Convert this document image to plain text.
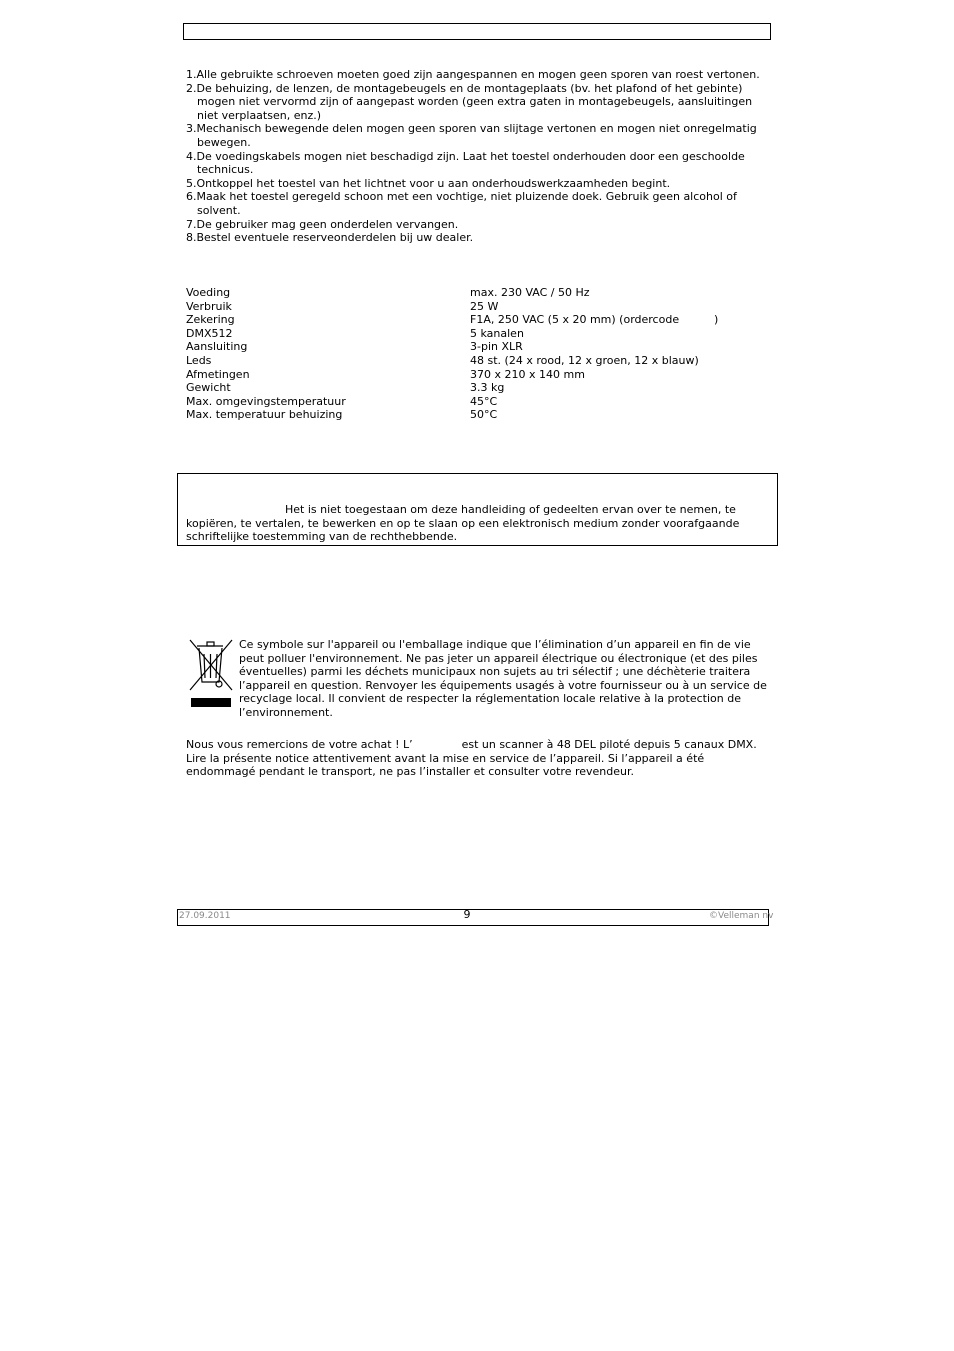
1.Alle gebruikte schroeven moeten goed zijn aangespannen en mogen geen sporen van roest vertonen.
2.De behuizing, de lenzen, de montagebeugels en de montageplaats (bv. het plafond of het gebinte) mogen niet vervormd zijn of aangepast worden (geen extra gaten in montagebeugels, aansluitingen niet verplaatsen, enz.)
3.Mechanisch bewegende delen mogen geen sporen van slijtage vertonen en mogen niet onregelmatig bewegen.
4.De voedingskabels mogen niet beschadigd zijn. Laat het toestel onderhouden door een geschoolde technicus.
5.Ontkoppel het toestel van het lichtnet voor u aan onderhoudswerkzaamheden begint.
6.Maak het toestel geregeld schoon met een vochtige, niet pluizende doek. Gebruik geen alcohol of solvent.
7.De gebruiker mag geen onderdelen vervangen.
8.Bestel eventuele reserveonderdelen bij uw dealer.
Voeding	max. 230 VAC / 50 Hz
Verbruik	25 W
Zekering	F1A, 250 VAC (5 x 20 mm) (ordercode          )
DMX512	5 kanalen
Aansluiting	3-pin XLR
Leds	48 st. (24 x rood, 12 x groen, 12 x blauw)
Afmetingen	370 x 210 x 140 mm
Gewicht	3.3 kg
Max. omgevingstemperatuur	45°C
Max. temperatuur behuizing	50°C
Het is niet toegestaan om deze handleiding of gedeelten ervan over te nemen, te kopiëren, te vertalen, te bewerken en op te slaan op een elektronisch medium zonder voorafgaande schriftelijke toestemming van de rechthebbende.
Ce symbole sur l'appareil ou l'emballage indique que l’élimination d’un appareil en fin de vie peut polluer l'environnement. Ne pas jeter un appareil électrique ou électronique (et des piles éventuelles) parmi les déchets municipaux non sujets au tri sélectif ; une déchèterie traitera l’appareil en question. Renvoyer les équipements usagés à votre fournisseur ou à un service de recyclage local. Il convient de respecter la réglementation locale relative à la protection de l’environnement.
Nous vous remercions de votre achat ! L’              est un scanner à 48 DEL piloté depuis 5 canaux DMX. Lire la présente notice attentivement avant la mise en service de l’appareil. Si l’appareil a été endommagé pendant le transport, ne pas l’installer et consulter votre revendeur.
27.09.2011	9	©Velleman nv
